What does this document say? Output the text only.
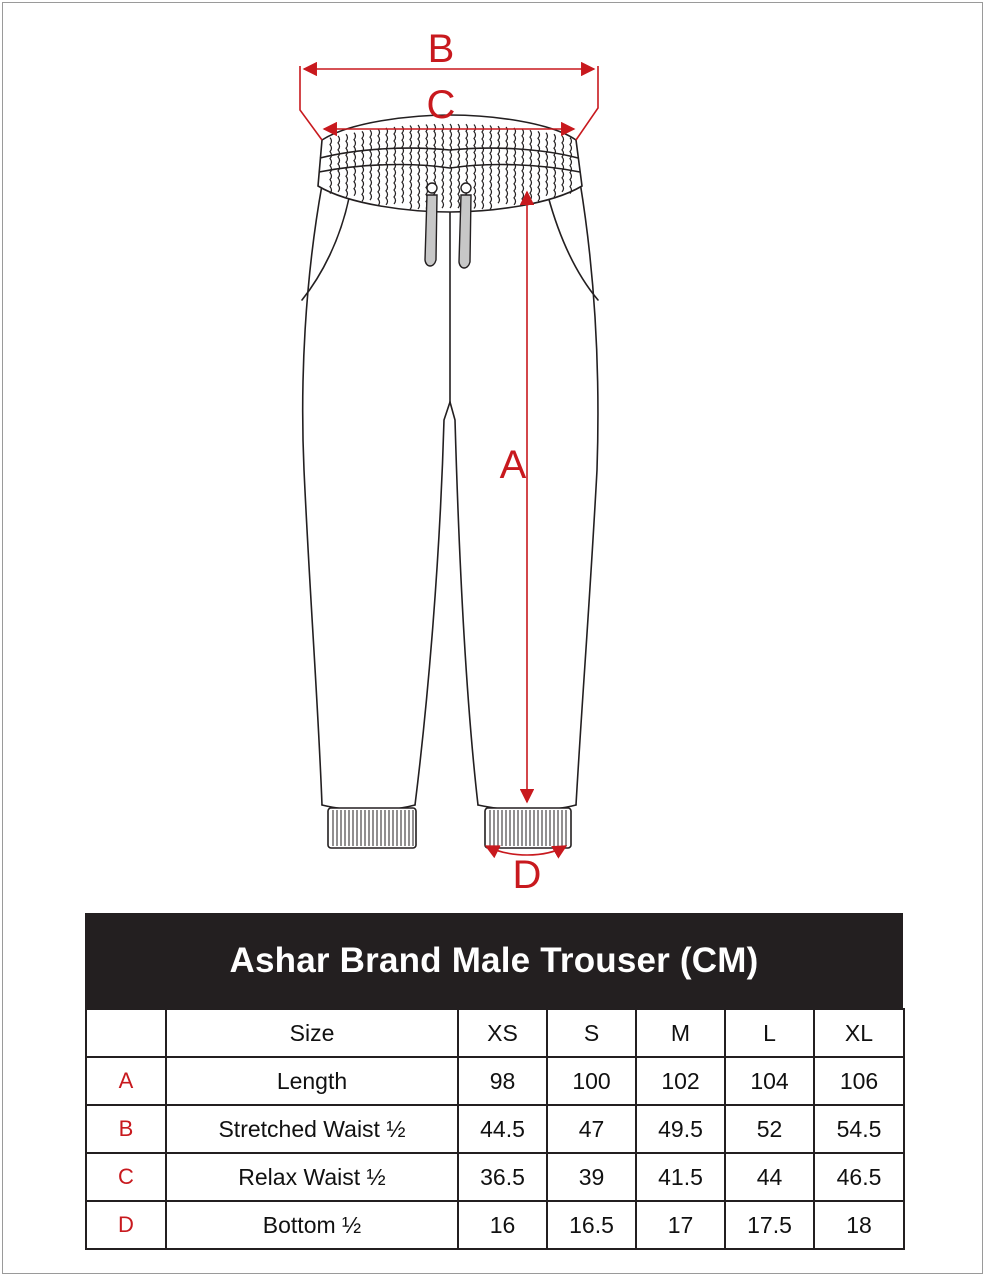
B
C
A
D
Ashar Brand Male Trouser (CM)
	Size	XS	S	M	L	XL
A	Length	98	100	102	104	106
B	Stretched Waist ½	44.5	47	49.5	52	54.5
C	Relax Waist ½	36.5	39	41.5	44	46.5
D	Bottom ½	16	16.5	17	17.5	18
